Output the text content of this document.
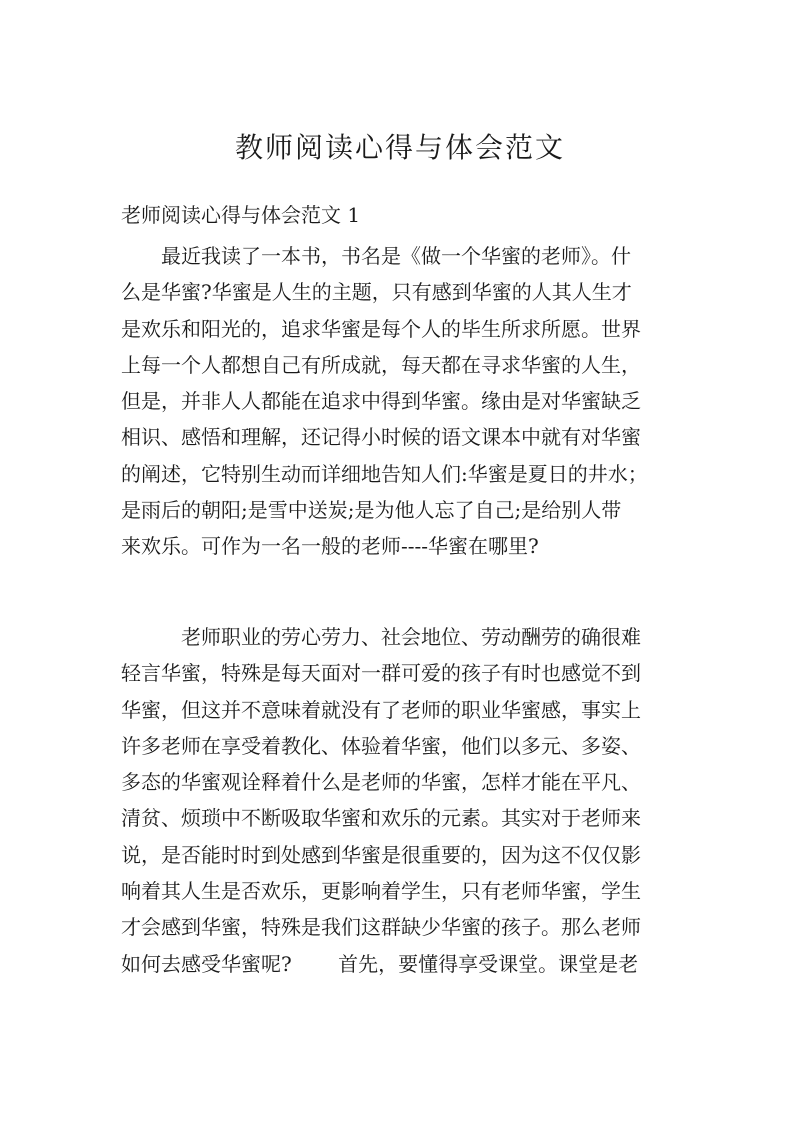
教师阅读心得与体会范文
老师阅读心得与体会范文 1
　　最近我读了一本书，书名是《做一个华蜜的老师》。什
么是华蜜?华蜜是人生的主题，只有感到华蜜的人其人生才
是欢乐和阳光的，追求华蜜是每个人的毕生所求所愿。世界
上每一个人都想自己有所成就，每天都在寻求华蜜的人生，
但是，并非人人都能在追求中得到华蜜。缘由是对华蜜缺乏
相识、感悟和理解，还记得小时候的语文课本中就有对华蜜
的阐述，它特别生动而详细地告知人们:华蜜是夏日的井水；
是雨后的朝阳;是雪中送炭;是为他人忘了自己;是给别人带
来欢乐。可作为一名一般的老师----华蜜在哪里?
　　　老师职业的劳心劳力、社会地位、劳动酬劳的确很难
轻言华蜜，特殊是每天面对一群可爱的孩子有时也感觉不到
华蜜，但这并不意味着就没有了老师的职业华蜜感，事实上
许多老师在享受着教化、体验着华蜜，他们以多元、多姿、
多态的华蜜观诠释着什么是老师的华蜜，怎样才能在平凡、
清贫、烦琐中不断吸取华蜜和欢乐的元素。其实对于老师来
说，是否能时时到处感到华蜜是很重要的，因为这不仅仅影
响着其人生是否欢乐，更影响着学生，只有老师华蜜，学生
才会感到华蜜，特殊是我们这群缺少华蜜的孩子。那么老师
如何去感受华蜜呢?　　 首先，要懂得享受课堂。课堂是老
